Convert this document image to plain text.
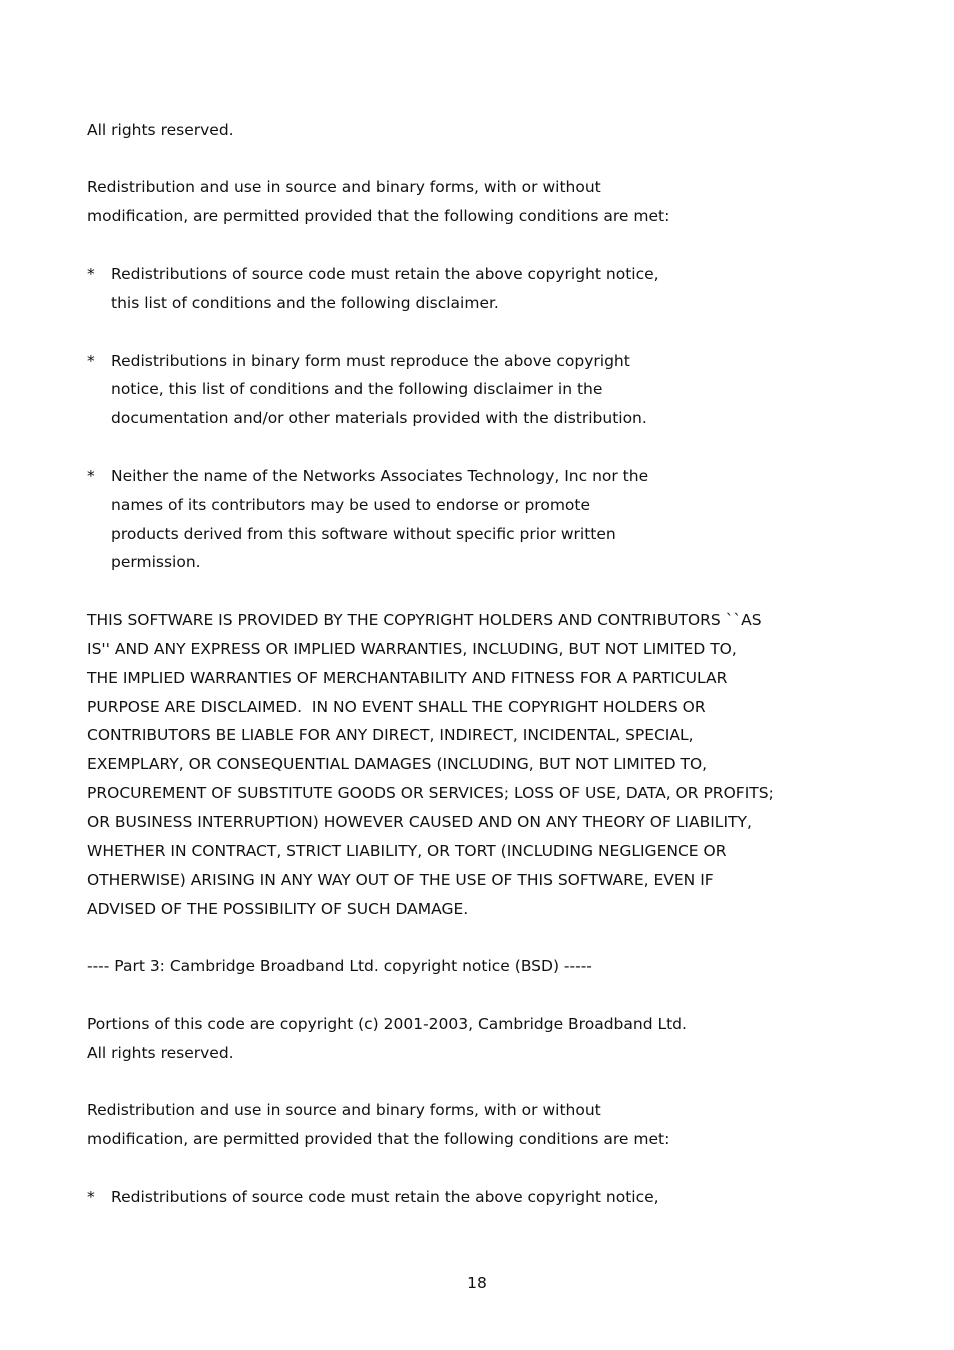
All rights reserved.
Redistribution and use in source and binary forms, with or without
modification, are permitted provided that the following conditions are met:
* Redistributions of source code must retain the above copyright notice,
this list of conditions and the following disclaimer.
* Redistributions in binary form must reproduce the above copyright
notice, this list of conditions and the following disclaimer in the
documentation and/or other materials provided with the distribution.
* Neither the name of the Networks Associates Technology, Inc nor the
names of its contributors may be used to endorse or promote
products derived from this software without specific prior written
permission.
THIS SOFTWARE IS PROVIDED BY THE COPYRIGHT HOLDERS AND CONTRIBUTORS ``AS
IS'' AND ANY EXPRESS OR IMPLIED WARRANTIES, INCLUDING, BUT NOT LIMITED TO,
THE IMPLIED WARRANTIES OF MERCHANTABILITY AND FITNESS FOR A PARTICULAR
PURPOSE ARE DISCLAIMED.  IN NO EVENT SHALL THE COPYRIGHT HOLDERS OR
CONTRIBUTORS BE LIABLE FOR ANY DIRECT, INDIRECT, INCIDENTAL, SPECIAL,
EXEMPLARY, OR CONSEQUENTIAL DAMAGES (INCLUDING, BUT NOT LIMITED TO,
PROCUREMENT OF SUBSTITUTE GOODS OR SERVICES; LOSS OF USE, DATA, OR PROFITS;
OR BUSINESS INTERRUPTION) HOWEVER CAUSED AND ON ANY THEORY OF LIABILITY,
WHETHER IN CONTRACT, STRICT LIABILITY, OR TORT (INCLUDING NEGLIGENCE OR
OTHERWISE) ARISING IN ANY WAY OUT OF THE USE OF THIS SOFTWARE, EVEN IF
ADVISED OF THE POSSIBILITY OF SUCH DAMAGE.
---- Part 3: Cambridge Broadband Ltd. copyright notice (BSD) -----
Portions of this code are copyright (c) 2001-2003, Cambridge Broadband Ltd.
All rights reserved.
Redistribution and use in source and binary forms, with or without
modification, are permitted provided that the following conditions are met:
* Redistributions of source code must retain the above copyright notice,
18
